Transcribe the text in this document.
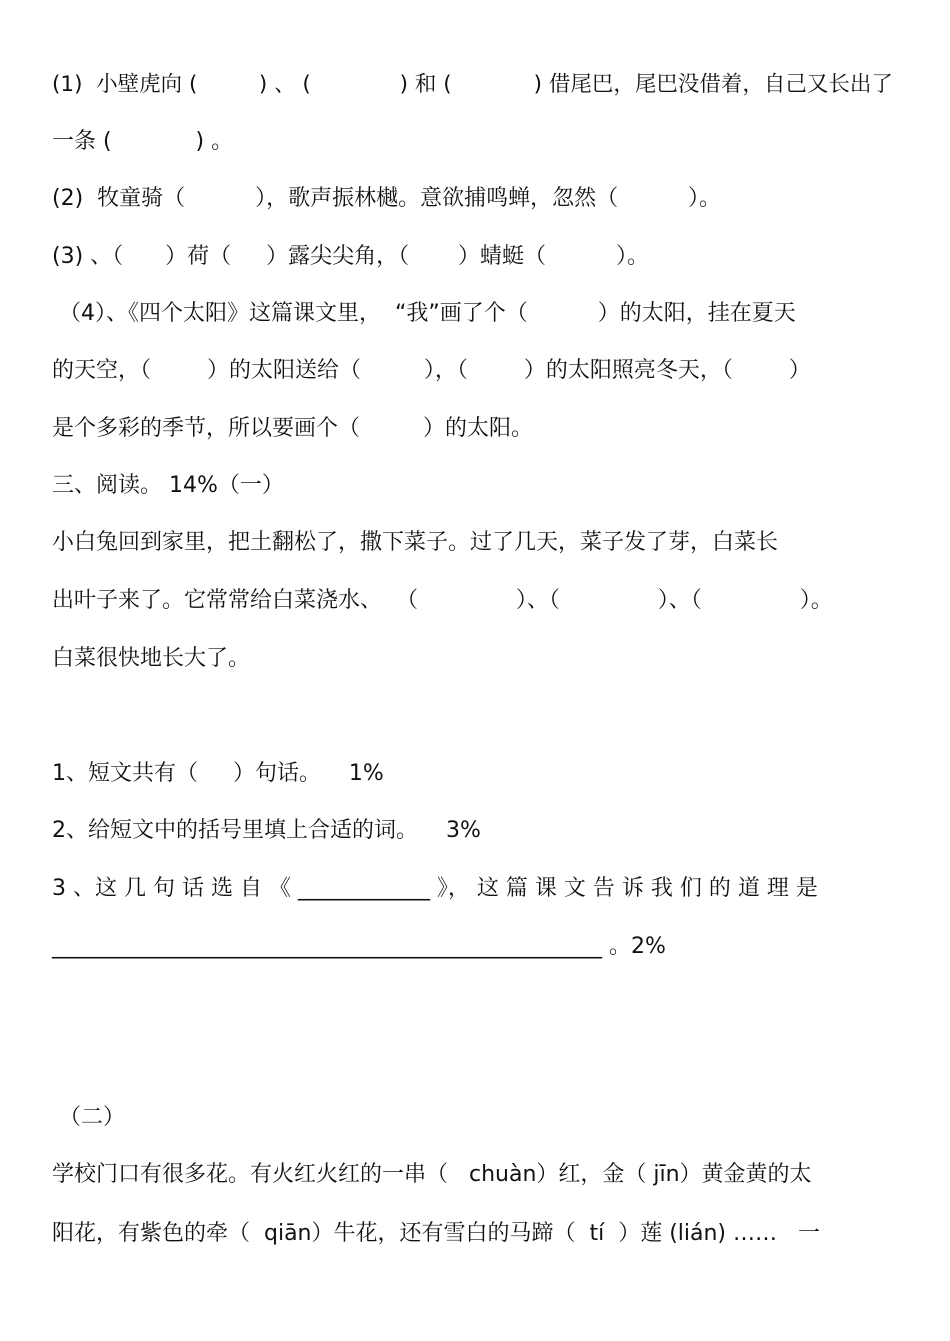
(1)  小壁虎向 (         ) 、 (             ) 和 (            ) 借尾巴，尾巴没借着，自己又长出了
一条 (            ) 。
(2)  牧童骑（          ），歌声振林樾。意欲捕鸣蝉，忽然（          ）。
(3) 、（      ）荷（     ）露尖尖角，（       ）蜻蜓（          ）。
（4）、《四个太阳》这篇课文里，  “我”画了个（          ）的太阳，挂在夏天
的天空，（        ）的太阳送给（         ），（        ）的太阳照亮冬天，（        ）
是个多彩的季节，所以要画个（         ）的太阳。
三、阅读。 14%（一）
小白兔回到家里，把土翻松了，撒下菜子。过了几天，菜子发了芽，白菜长
出叶子来了。它常常给白菜浇水、  （              ）、（              ）、（              ）。
白菜很快地长大了。
1、短文共有（     ）句话。    1%
2、给短文中的括号里填上合适的词。    3%
3 、这 几 句 话 选 自 《 ____________ 》， 这 篇 课 文 告 诉 我 们 的 道 理 是
__________________________________________________ 。2%
（二）
学校门口有很多花。有火红火红的一串（   chuàn）红，金（ jīn）黄金黄的太
阳花，有紫色的牵（  qiān）牛花，还有雪白的马蹄（  tí  ）莲 (lián) ……   一
